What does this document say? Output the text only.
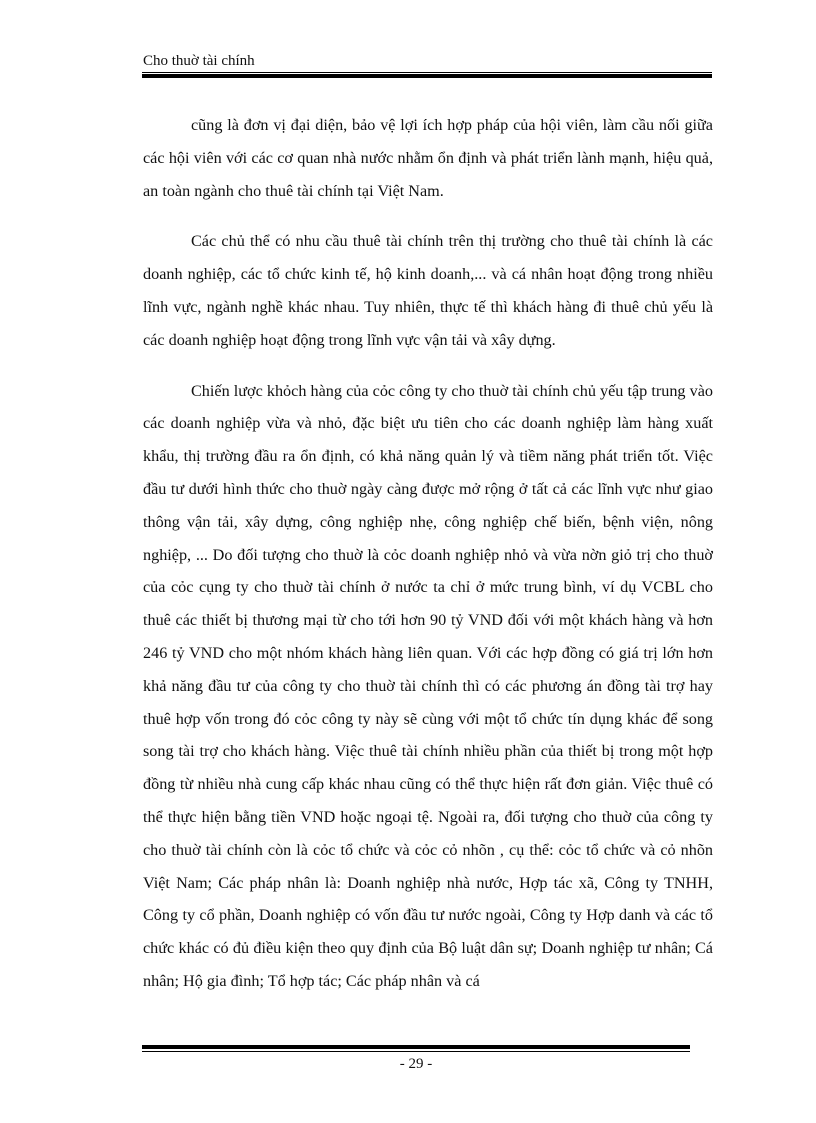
Cho thuờ tài chính

cũng là đơn vị đại diện, bảo vệ lợi ích hợp pháp của hội viên, làm cầu nối giữa các hội viên với các cơ quan nhà nước nhằm ổn định và phát triển lành mạnh, hiệu quả, an toàn ngành cho thuê tài chính tại Việt Nam.

Các chủ thể có nhu cầu thuê tài chính trên thị trường cho thuê tài chính là các doanh nghiệp, các tổ chức kinh tế, hộ kinh doanh,... và cá nhân hoạt động trong nhiều lĩnh vực, ngành nghề khác nhau. Tuy nhiên, thực tế thì khách hàng đi thuê chủ yếu là các doanh nghiệp hoạt động trong lĩnh vực vận tải và xây dựng.

Chiến lược khỏch hàng của cỏc công ty cho thuờ tài chính chủ yếu tập trung vào các doanh nghiệp vừa và nhỏ, đặc biệt ưu tiên cho các doanh nghiệp làm hàng xuất khẩu, thị trường đầu ra ổn định, có khả năng quản lý và tiềm năng phát triển tốt. Việc đầu tư dưới hình thức cho thuờ ngày càng được mở rộng ở tất cả các lĩnh vực như giao thông vận tải, xây dựng, công nghiệp nhẹ, công nghiệp chế biến, bệnh viện, nông nghiệp, ... Do đối tượng cho thuờ là cỏc doanh nghiệp nhỏ và vừa nờn giỏ trị cho thuờ của cỏc cụng ty cho thuờ tài chính ở nước ta chỉ ở mức trung bình, ví dụ VCBL cho thuê các thiết bị thương mại từ cho tới hơn 90 tỷ VND đối với một khách hàng và hơn 246 tỷ VND cho một nhóm khách hàng liên quan. Với các hợp đồng có giá trị lớn hơn khả năng đầu tư của công ty cho thuờ tài chính thì có các phương án đồng tài trợ hay thuê hợp vốn trong đó cỏc công ty này sẽ cùng với một tổ chức tín dụng khác để song song tài trợ cho khách hàng. Việc thuê tài chính nhiều phần của thiết bị trong một hợp đồng từ nhiều nhà cung cấp khác nhau cũng có thể thực hiện rất đơn giản. Việc thuê có thể thực hiện bằng tiền VND hoặc ngoại tệ. Ngoài ra, đối tượng cho thuờ của công ty cho thuờ tài chính còn là cỏc tổ chức và cỏc cỏ nhõn , cụ thể: cỏc tổ chức và cỏ nhõn Việt Nam; Các pháp nhân là: Doanh nghiệp nhà nước, Hợp tác xã, Công ty TNHH, Công ty cổ phần, Doanh nghiệp có vốn đầu tư nước ngoài, Công ty Hợp danh và các tổ chức khác có đủ điều kiện theo quy định của Bộ luật dân sự; Doanh nghiệp tư nhân; Cá nhân; Hộ gia đình; Tổ hợp tác; Các pháp nhân và cá

- 29 -
